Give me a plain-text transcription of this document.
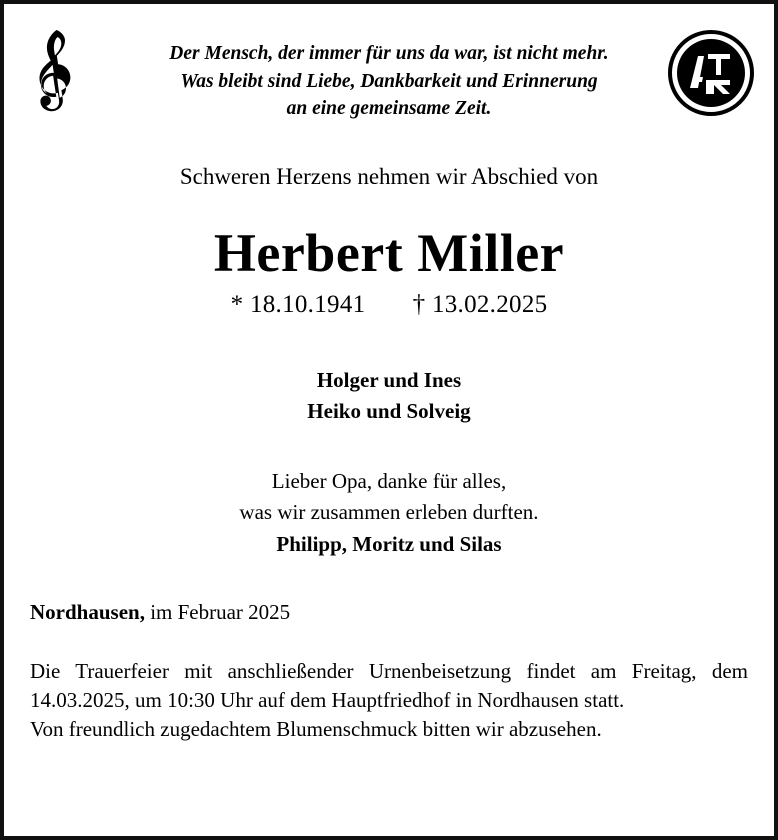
Der Mensch, der immer für uns da war, ist nicht mehr.
Was bleibt sind Liebe, Dankbarkeit und Erinnerung
an eine gemeinsame Zeit.
Schweren Herzens nehmen wir Abschied von
Herbert Miller
* 18.10.1941 † 13.02.2025
Holger und Ines
Heiko und Solveig
Lieber Opa, danke für alles,
was wir zusammen erleben durften.
Philipp, Moritz und Silas
Nordhausen, im Februar 2025

Die Trauerfeier mit anschließender Urnenbeisetzung findet am Freitag, dem 14.03.2025, um 10:30 Uhr auf dem Hauptfriedhof in Nordhausen statt.

Von freundlich zugedachtem Blumenschmuck bitten wir abzusehen.
